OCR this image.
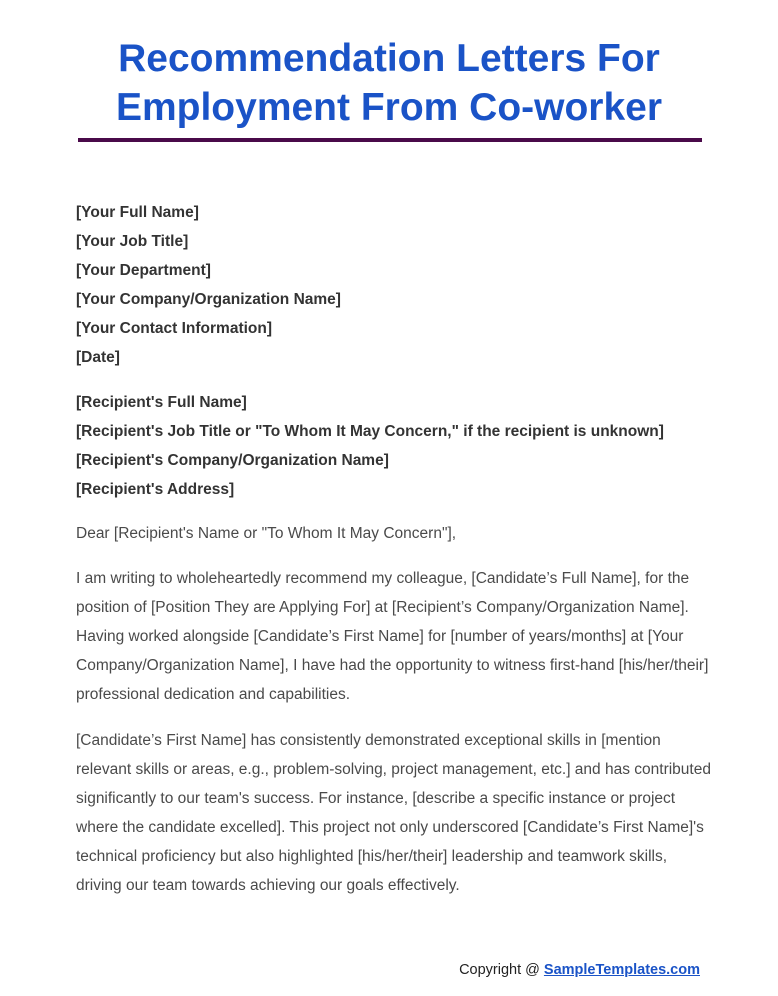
Recommendation Letters For Employment From Co-worker
[Your Full Name]
[Your Job Title]
[Your Department]
[Your Company/Organization Name]
[Your Contact Information]
[Date]
[Recipient's Full Name]
[Recipient's Job Title or "To Whom It May Concern," if the recipient is unknown]
[Recipient's Company/Organization Name]
[Recipient's Address]
Dear [Recipient's Name or "To Whom It May Concern"],
I am writing to wholeheartedly recommend my colleague, [Candidate’s Full Name], for the position of [Position They are Applying For] at [Recipient’s Company/Organization Name]. Having worked alongside [Candidate’s First Name] for [number of years/months] at [Your Company/Organization Name], I have had the opportunity to witness first-hand [his/her/their] professional dedication and capabilities.
[Candidate’s First Name] has consistently demonstrated exceptional skills in [mention relevant skills or areas, e.g., problem-solving, project management, etc.] and has contributed significantly to our team's success. For instance, [describe a specific instance or project where the candidate excelled]. This project not only underscored [Candidate’s First Name]'s technical proficiency but also highlighted [his/her/their] leadership and teamwork skills, driving our team towards achieving our goals effectively.
Copyright @ SampleTemplates.com
